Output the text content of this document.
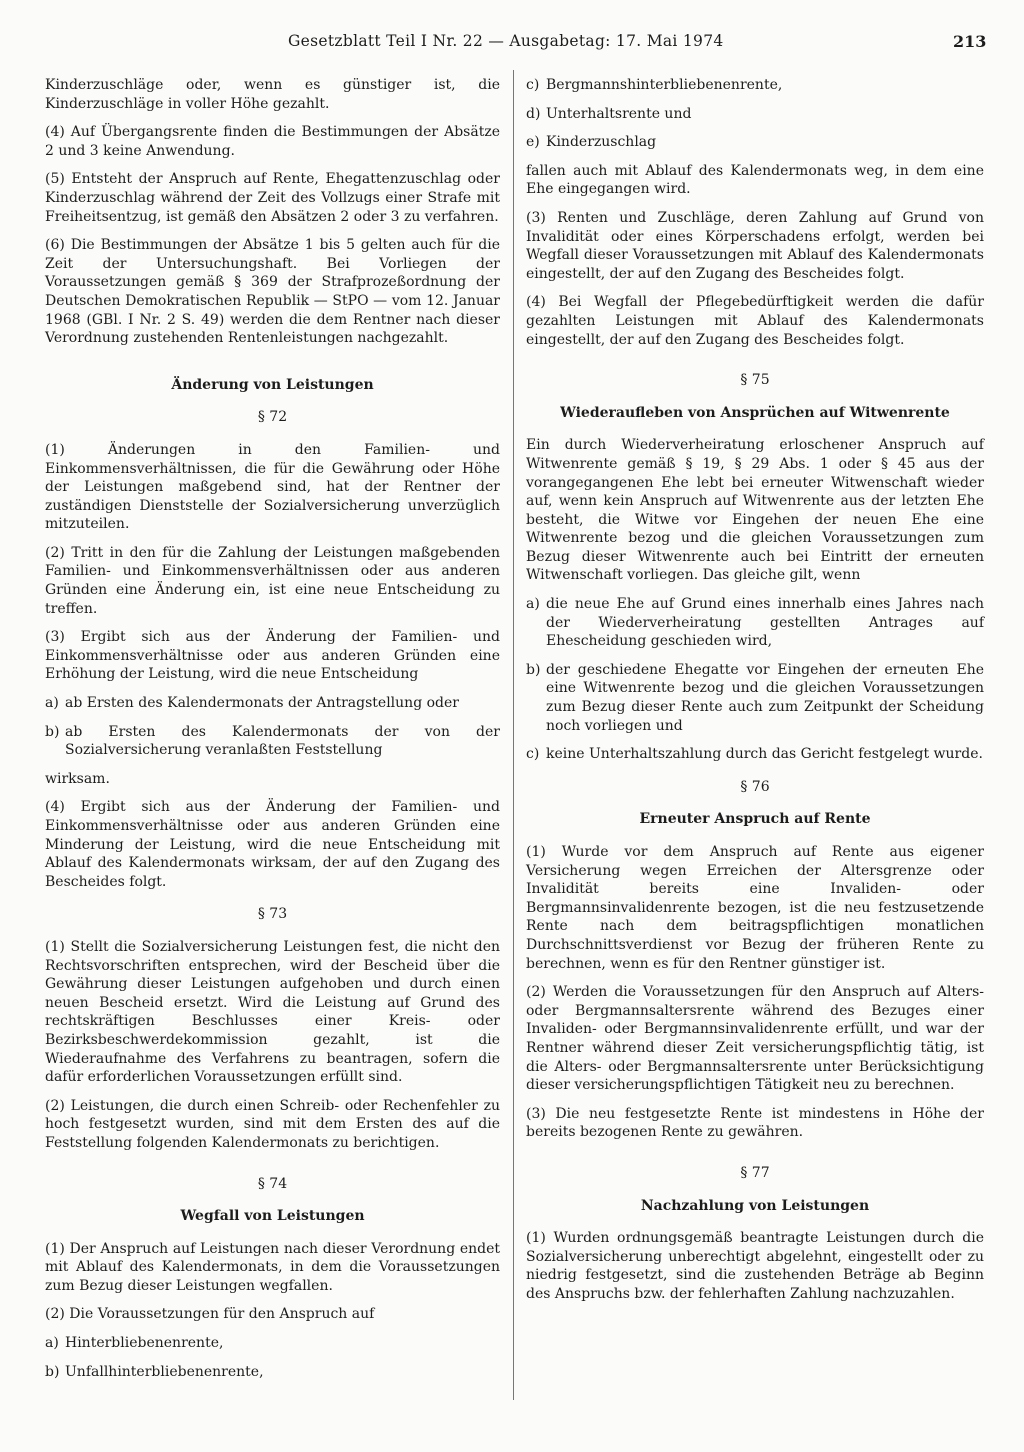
Gesetzblatt Teil I Nr. 22 — Ausgabetag: 17. Mai 1974	213

Kinderzuschläge oder, wenn es günstiger ist, die Kinderzuschläge in voller Höhe gezahlt.

(4) Auf Übergangsrente finden die Bestimmungen der Absätze 2 und 3 keine Anwendung.

(5) Entsteht der Anspruch auf Rente, Ehegattenzuschlag oder Kinderzuschlag während der Zeit des Vollzugs einer Strafe mit Freiheitsentzug, ist gemäß den Absätzen 2 oder 3 zu verfahren.

(6) Die Bestimmungen der Absätze 1 bis 5 gelten auch für die Zeit der Untersuchungshaft. Bei Vorliegen der Voraussetzungen gemäß § 369 der Strafprozeßordnung der Deutschen Demokratischen Republik — StPO — vom 12. Januar 1968 (GBl. I Nr. 2 S. 49) werden die dem Rentner nach dieser Verordnung zustehenden Rentenleistungen nachgezahlt.

Änderung von Leistungen
§ 72

(1) Änderungen in den Familien- und Einkommensverhältnissen, die für die Gewährung oder Höhe der Leistungen maßgebend sind, hat der Rentner der zuständigen Dienststelle der Sozialversicherung unverzüglich mitzuteilen.

(2) Tritt in den für die Zahlung der Leistungen maßgebenden Familien- und Einkommensverhältnissen oder aus anderen Gründen eine Änderung ein, ist eine neue Entscheidung zu treffen.

(3) Ergibt sich aus der Änderung der Familien- und Einkommensverhältnisse oder aus anderen Gründen eine Erhöhung der Leistung, wird die neue Entscheidung

a) ab Ersten des Kalendermonats der Antragstellung oder
b) ab Ersten des Kalendermonats der von der Sozialversicherung veranlaßten Feststellung

wirksam.

(4) Ergibt sich aus der Änderung der Familien- und Einkommensverhältnisse oder aus anderen Gründen eine Minderung der Leistung, wird die neue Entscheidung mit Ablauf des Kalendermonats wirksam, der auf den Zugang des Bescheides folgt.

§ 73

(1) Stellt die Sozialversicherung Leistungen fest, die nicht den Rechtsvorschriften entsprechen, wird der Bescheid über die Gewährung dieser Leistungen aufgehoben und durch einen neuen Bescheid ersetzt. Wird die Leistung auf Grund des rechtskräftigen Beschlusses einer Kreis- oder Bezirksbeschwerdekommission gezahlt, ist die Wiederaufnahme des Verfahrens zu beantragen, sofern die dafür erforderlichen Voraussetzungen erfüllt sind.

(2) Leistungen, die durch einen Schreib- oder Rechenfehler zu hoch festgesetzt wurden, sind mit dem Ersten des auf die Feststellung folgenden Kalendermonats zu berichtigen.

§ 74
Wegfall von Leistungen

(1) Der Anspruch auf Leistungen nach dieser Verordnung endet mit Ablauf des Kalendermonats, in dem die Voraussetzungen zum Bezug dieser Leistungen wegfallen.

(2) Die Voraussetzungen für den Anspruch auf

a) Hinterbliebenenrente,
b) Unfallhinterbliebenenrente,
c) Bergmannshinterbliebenenrente,
d) Unterhaltsrente und
e) Kinderzuschlag

fallen auch mit Ablauf des Kalendermonats weg, in dem eine Ehe eingegangen wird.

(3) Renten und Zuschläge, deren Zahlung auf Grund von Invalidität oder eines Körperschadens erfolgt, werden bei Wegfall dieser Voraussetzungen mit Ablauf des Kalendermonats eingestellt, der auf den Zugang des Bescheides folgt.

(4) Bei Wegfall der Pflegebedürftigkeit werden die dafür gezahlten Leistungen mit Ablauf des Kalendermonats eingestellt, der auf den Zugang des Bescheides folgt.

§ 75
Wiederaufleben von Ansprüchen auf Witwenrente

Ein durch Wiederverheiratung erloschener Anspruch auf Witwenrente gemäß § 19, § 29 Abs. 1 oder § 45 aus der vorangegangenen Ehe lebt bei erneuter Witwenschaft wieder auf, wenn kein Anspruch auf Witwenrente aus der letzten Ehe besteht, die Witwe vor Eingehen der neuen Ehe eine Witwenrente bezog und die gleichen Voraussetzungen zum Bezug dieser Witwenrente auch bei Eintritt der erneuten Witwenschaft vorliegen. Das gleiche gilt, wenn

a) die neue Ehe auf Grund eines innerhalb eines Jahres nach der Wiederverheiratung gestellten Antrages auf Ehescheidung geschieden wird,
b) der geschiedene Ehegatte vor Eingehen der erneuten Ehe eine Witwenrente bezog und die gleichen Voraussetzungen zum Bezug dieser Rente auch zum Zeitpunkt der Scheidung noch vorliegen und
c) keine Unterhaltszahlung durch das Gericht festgelegt wurde.
§ 76
Erneuter Anspruch auf Rente

(1) Wurde vor dem Anspruch auf Rente aus eigener Versicherung wegen Erreichen der Altersgrenze oder Invalidität bereits eine Invaliden- oder Bergmannsinvalidenrente bezogen, ist die neu festzusetzende Rente nach dem beitragspflichtigen monatlichen Durchschnittsverdienst vor Bezug der früheren Rente zu berechnen, wenn es für den Rentner günstiger ist.

(2) Werden die Voraussetzungen für den Anspruch auf Alters- oder Bergmannsaltersrente während des Bezuges einer Invaliden- oder Bergmannsinvalidenrente erfüllt, und war der Rentner während dieser Zeit versicherungspflichtig tätig, ist die Alters- oder Bergmannsaltersrente unter Berücksichtigung dieser versicherungspflichtigen Tätigkeit neu zu berechnen.

(3) Die neu festgesetzte Rente ist mindestens in Höhe der bereits bezogenen Rente zu gewähren.

§ 77
Nachzahlung von Leistungen

(1) Wurden ordnungsgemäß beantragte Leistungen durch die Sozialversicherung unberechtigt abgelehnt, eingestellt oder zu niedrig festgesetzt, sind die zustehenden Beträge ab Beginn des Anspruchs bzw. der fehlerhaften Zahlung nachzuzahlen.
